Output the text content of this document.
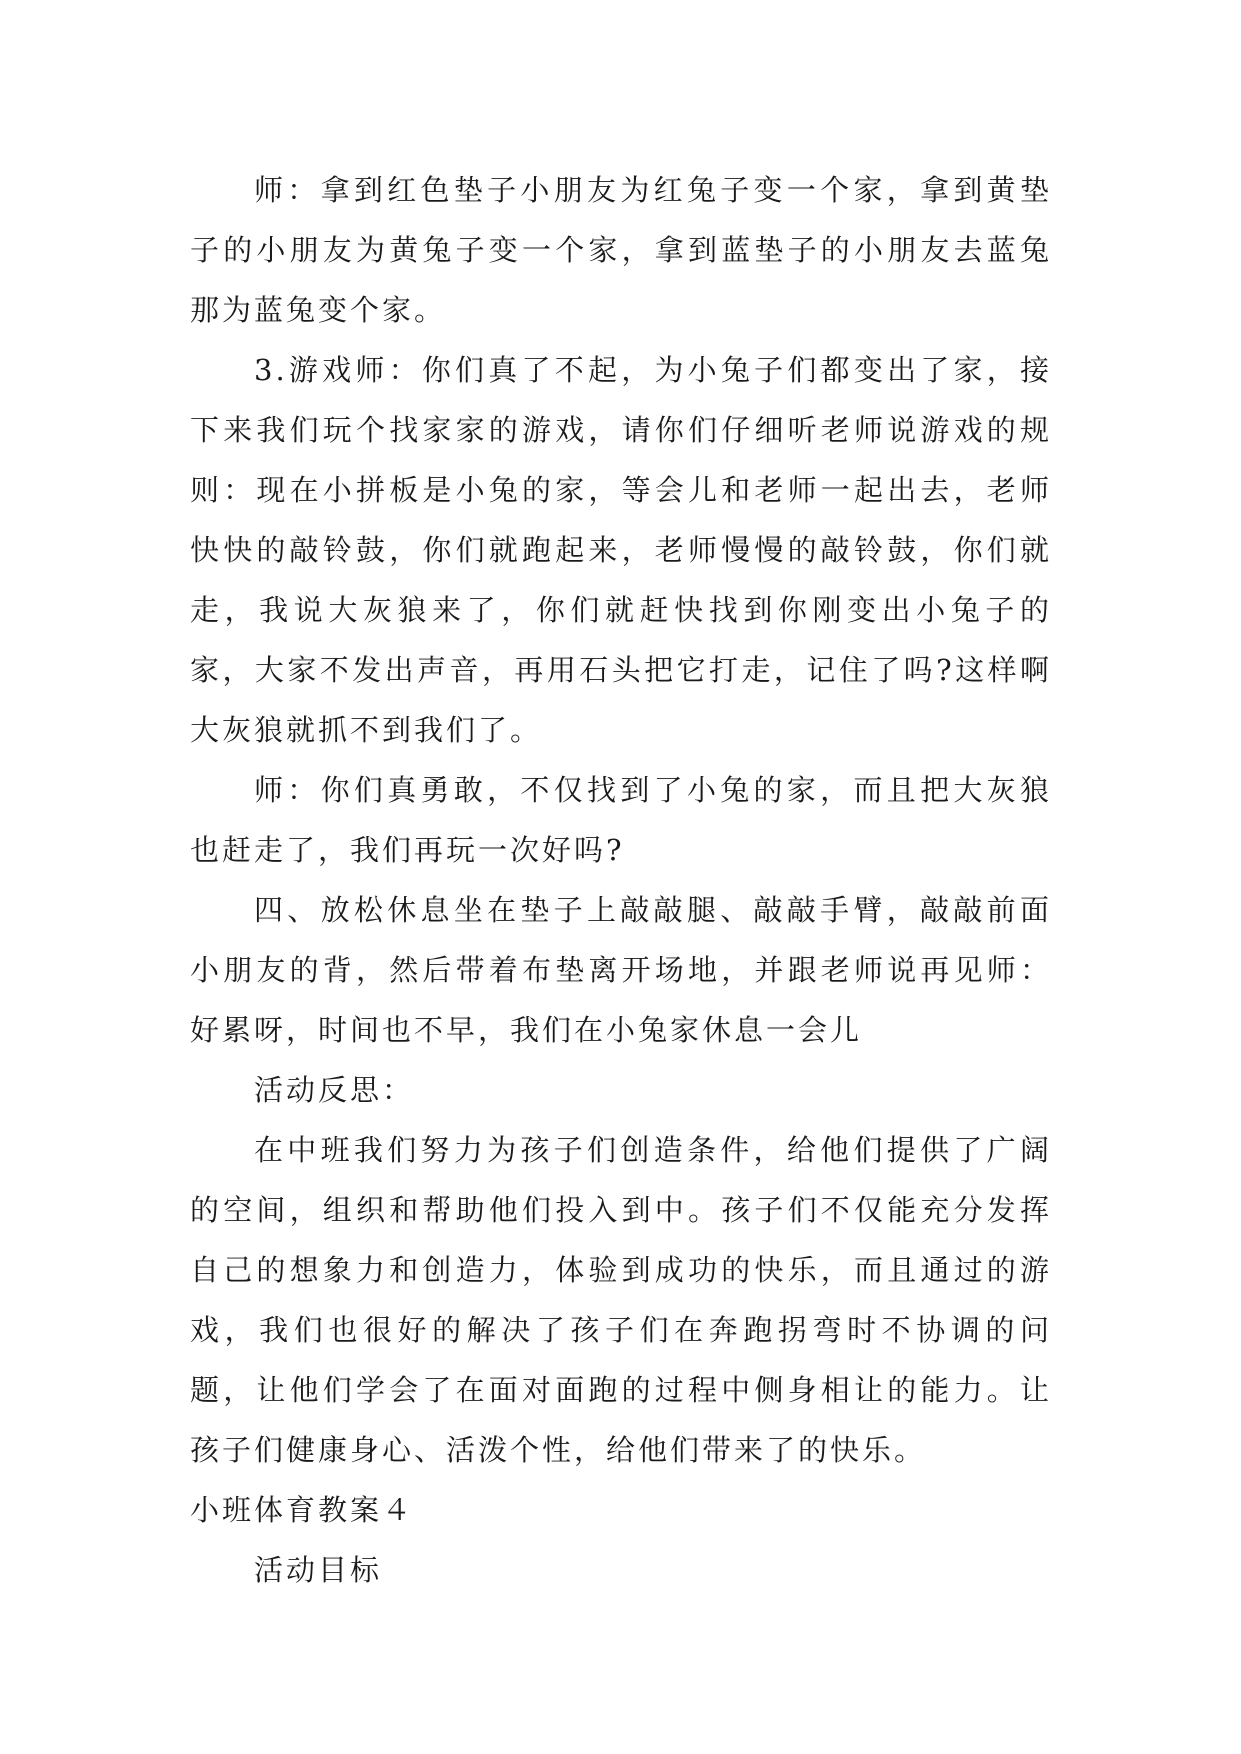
师：拿到红色垫子小朋友为红兔子变一个家，拿到黄垫子的小朋友为黄兔子变一个家，拿到蓝垫子的小朋友去蓝兔那为蓝兔变个家。

3.游戏师：你们真了不起，为小兔子们都变出了家，接下来我们玩个找家家的游戏，请你们仔细听老师说游戏的规则：现在小拼板是小兔的家，等会儿和老师一起出去，老师快快的敲铃鼓，你们就跑起来，老师慢慢的敲铃鼓，你们就走，我说大灰狼来了，你们就赶快找到你刚变出小兔子的家，大家不发出声音，再用石头把它打走，记住了吗?这样啊大灰狼就抓不到我们了。

师：你们真勇敢，不仅找到了小兔的家，而且把大灰狼也赶走了，我们再玩一次好吗?

四、放松休息坐在垫子上敲敲腿、敲敲手臂，敲敲前面小朋友的背，然后带着布垫离开场地，并跟老师说再见师：好累呀，时间也不早，我们在小兔家休息一会儿

活动反思：

在中班我们努力为孩子们创造条件，给他们提供了广阔的空间，组织和帮助他们投入到中。孩子们不仅能充分发挥自己的想象力和创造力，体验到成功的快乐，而且通过的游戏，我们也很好的解决了孩子们在奔跑拐弯时不协调的问题，让他们学会了在面对面跑的过程中侧身相让的能力。让孩子们健康身心、活泼个性，给他们带来了的快乐。

小班体育教案４

活动目标
